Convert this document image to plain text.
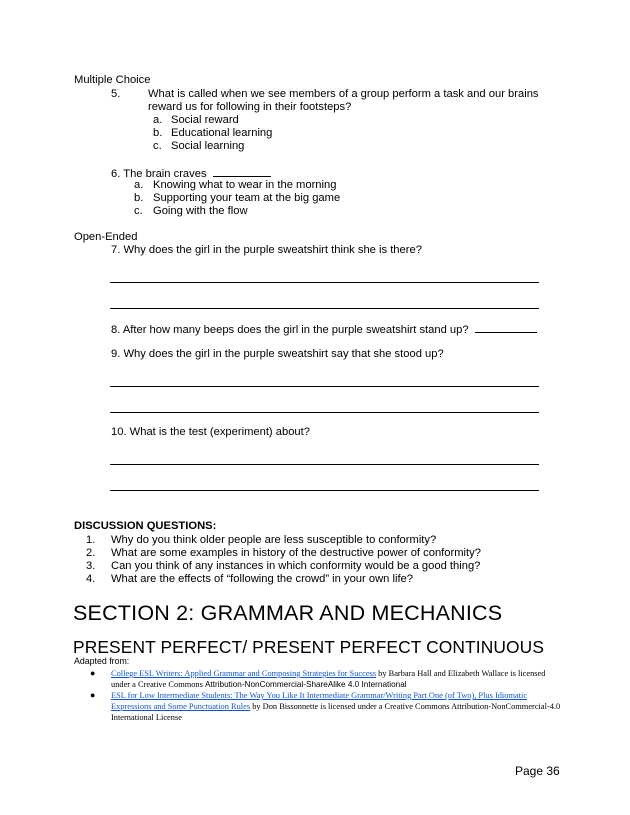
Multiple Choice
5. What is called when we see members of a group perform a task and our brains
reward us for following in their footsteps?
a. Social reward
b. Educational learning
c. Social learning
6. The brain craves
a. Knowing what to wear in the morning
b. Supporting your team at the big game
c. Going with the flow
Open-Ended
7. Why does the girl in the purple sweatshirt think she is there?
8. After how many beeps does the girl in the purple sweatshirt stand up?
9. Why does the girl in the purple sweatshirt say that she stood up?
10. What is the test (experiment) about?
DISCUSSION QUESTIONS:
1. Why do you think older people are less susceptible to conformity?
2. What are some examples in history of the destructive power of conformity?
3. Can you think of any instances in which conformity would be a good thing?
4. What are the effects of “following the crowd” in your own life?
SECTION 2: GRAMMAR AND MECHANICS
PRESENT PERFECT/ PRESENT PERFECT CONTINUOUS
Adapted from:
● College ESL Writers: Applied Grammar and Composing Strategies for Success by Barbara Hall and Elizabeth Wallace is licensed
under a Creative Commons Attribution-NonCommercial-ShareAlike 4.0 International
● ESL for Low Intermediate Students: The Way You Like It Intermediate Grammar/Writing Part One (of Two), Plus Idiomatic
Expressions and Some Punctuation Rules by Don Bissonnette is licensed under a Creative Commons Attribution-NonCommercial-4.0
International License
Page 36
